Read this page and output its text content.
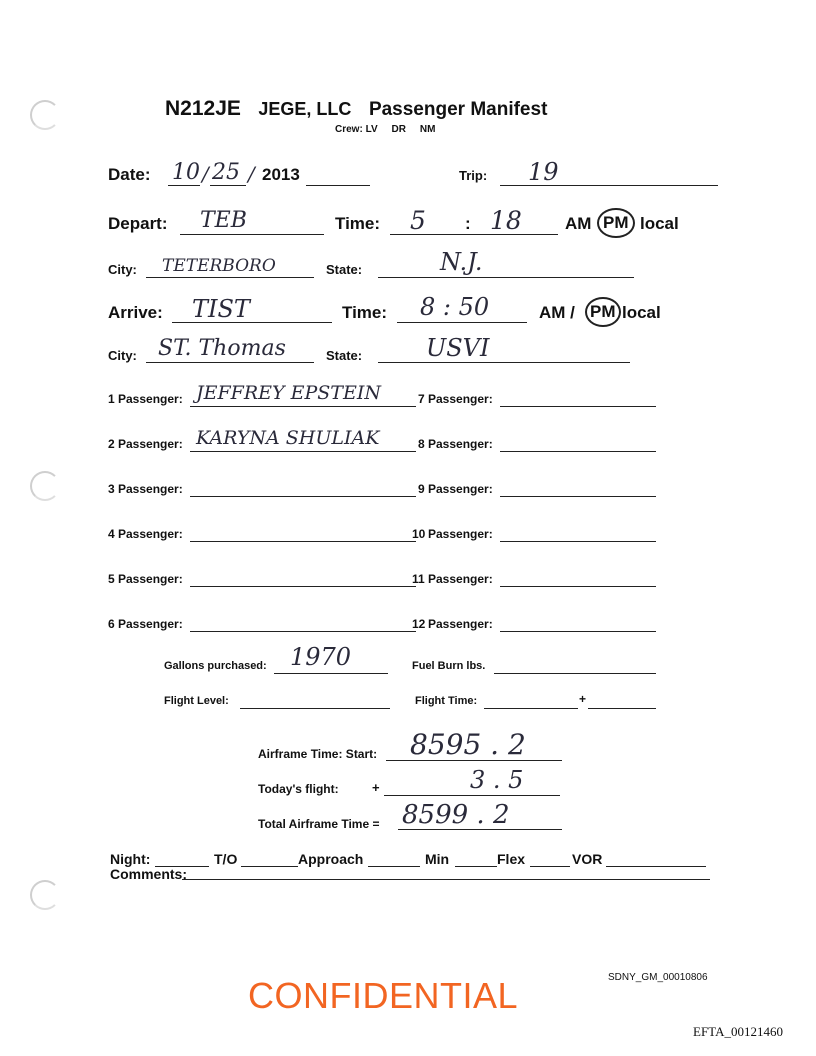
N212JE JEGE, LLC Passenger Manifest
Crew: LV DR NM
Date: 10 / 25 / 2013	Trip: 19
Depart: TEB	Time: 5 : 18	AM PM local
City: TETERBORO	State:	N.J.
Arrive: TIST	Time: 8 : 50	AM / PM local
City: ST. Thomas	State:	USVI
1 Passenger: JEFFREY EPSTEIN
2 Passenger: KARYNA SHULIAK
3 Passenger:
4 Passenger:
5 Passenger:
6 Passenger:
7 Passenger:
8 Passenger:
9 Passenger:
10 Passenger:
11 Passenger:
12 Passenger:
Gallons purchased: 1970	Fuel Burn lbs.
Flight Level:	Flight Time:	+
Airframe Time: Start: 8595 . 2
Today's flight:	+	3 . 5
Total Airframe Time = 8599 . 2
Night:	T/O	Approach	Min	Flex	VOR
Comments:
CONFIDENTIAL	SDNY_GM_00010806
EFTA_00121460
